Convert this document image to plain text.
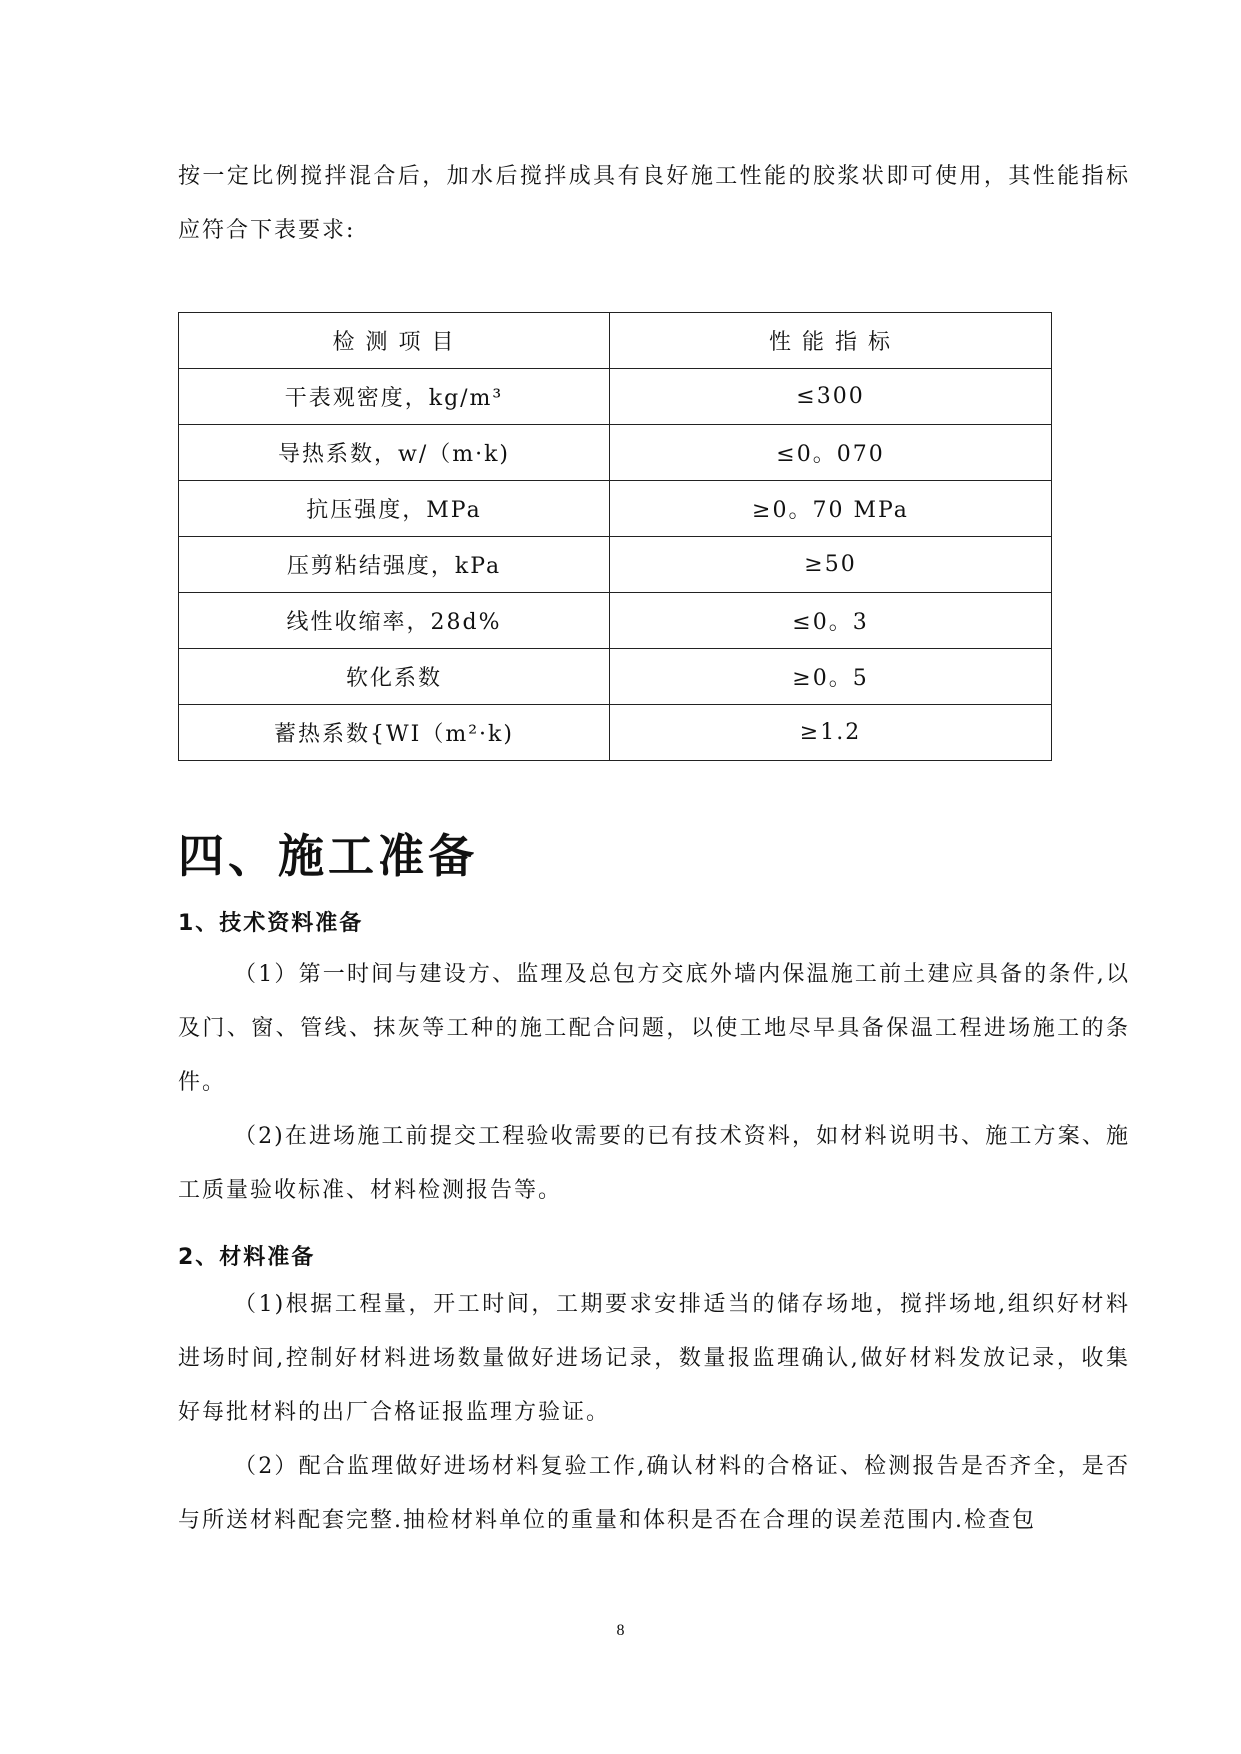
按一定比例搅拌混合后，加水后搅拌成具有良好施工性能的胶浆状即可使用，其性能指标应符合下表要求:

检 测 项 目	性 能 指 标
干表观密度，kg/m³	≤300
导热系数，w/（m·k)	≤0。070
抗压强度，MPa	≥0。70 MPa
压剪粘结强度，kPa	≥50
线性收缩率，28d%	≤0。3
软化系数	≥0。5
蓄热系数{WI（m²·k)	≥1.2
四、施工准备
1、技术资料准备

（1）第一时间与建设方、监理及总包方交底外墙内保温施工前土建应具备的条件,以及门、窗、管线、抹灰等工种的施工配合问题，以使工地尽早具备保温工程进场施工的条件。

（2)在进场施工前提交工程验收需要的已有技术资料，如材料说明书、施工方案、施工质量验收标准、材料检测报告等。

2、材料准备

（1)根据工程量，开工时间，工期要求安排适当的储存场地，搅拌场地,组织好材料进场时间,控制好材料进场数量做好进场记录，数量报监理确认,做好材料发放记录，收集好每批材料的出厂合格证报监理方验证。

（2）配合监理做好进场材料复验工作,确认材料的合格证、检测报告是否齐全，是否与所送材料配套完整.抽检材料单位的重量和体积是否在合理的误差范围内.检查包

8
